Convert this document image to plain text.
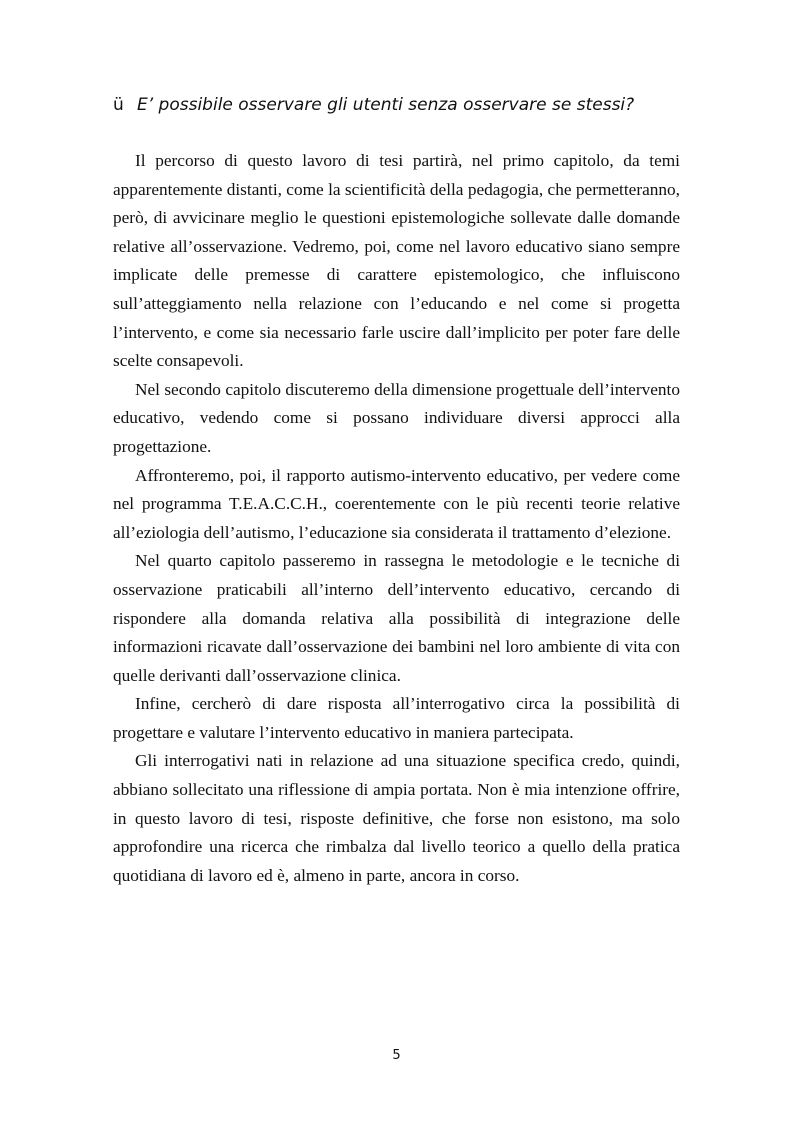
ü E’ possibile osservare gli utenti senza osservare se stessi?

Il percorso di questo lavoro di tesi partirà, nel primo capitolo, da temi apparentemente distanti, come la scientificità della pedagogia, che permetteranno, però, di avvicinare meglio le questioni epistemologiche sollevate dalle domande relative all’osservazione. Vedremo, poi, come nel lavoro educativo siano sempre implicate delle premesse di carattere epistemologico, che influiscono sull’atteggiamento nella relazione con l’educando e nel come si progetta l’intervento, e come sia necessario farle uscire dall’implicito per poter fare delle scelte consapevoli.

Nel secondo capitolo discuteremo della dimensione progettuale dell’intervento educativo, vedendo come si possano individuare diversi approcci alla progettazione.

Affronteremo, poi, il rapporto autismo-intervento educativo, per vedere come nel programma T.E.A.C.C.H., coerentemente con le più recenti teorie relative all’eziologia dell’autismo, l’educazione sia considerata il trattamento d’elezione.

Nel quarto capitolo passeremo in rassegna le metodologie e le tecniche di osservazione praticabili all’interno dell’intervento educativo, cercando di rispondere alla domanda relativa alla possibilità di integrazione delle informazioni ricavate dall’osservazione dei bambini nel loro ambiente di vita con quelle derivanti dall’osservazione clinica.

Infine, cercherò di dare risposta all’interrogativo circa la possibilità di progettare e valutare l’intervento educativo in maniera partecipata.

Gli interrogativi nati in relazione ad una situazione specifica credo, quindi, abbiano sollecitato una riflessione di ampia portata. Non è mia intenzione offrire, in questo lavoro di tesi, risposte definitive, che forse non esistono, ma solo approfondire una ricerca che rimbalza dal livello teorico a quello della pratica quotidiana di lavoro ed è, almeno in parte, ancora in corso.

5
